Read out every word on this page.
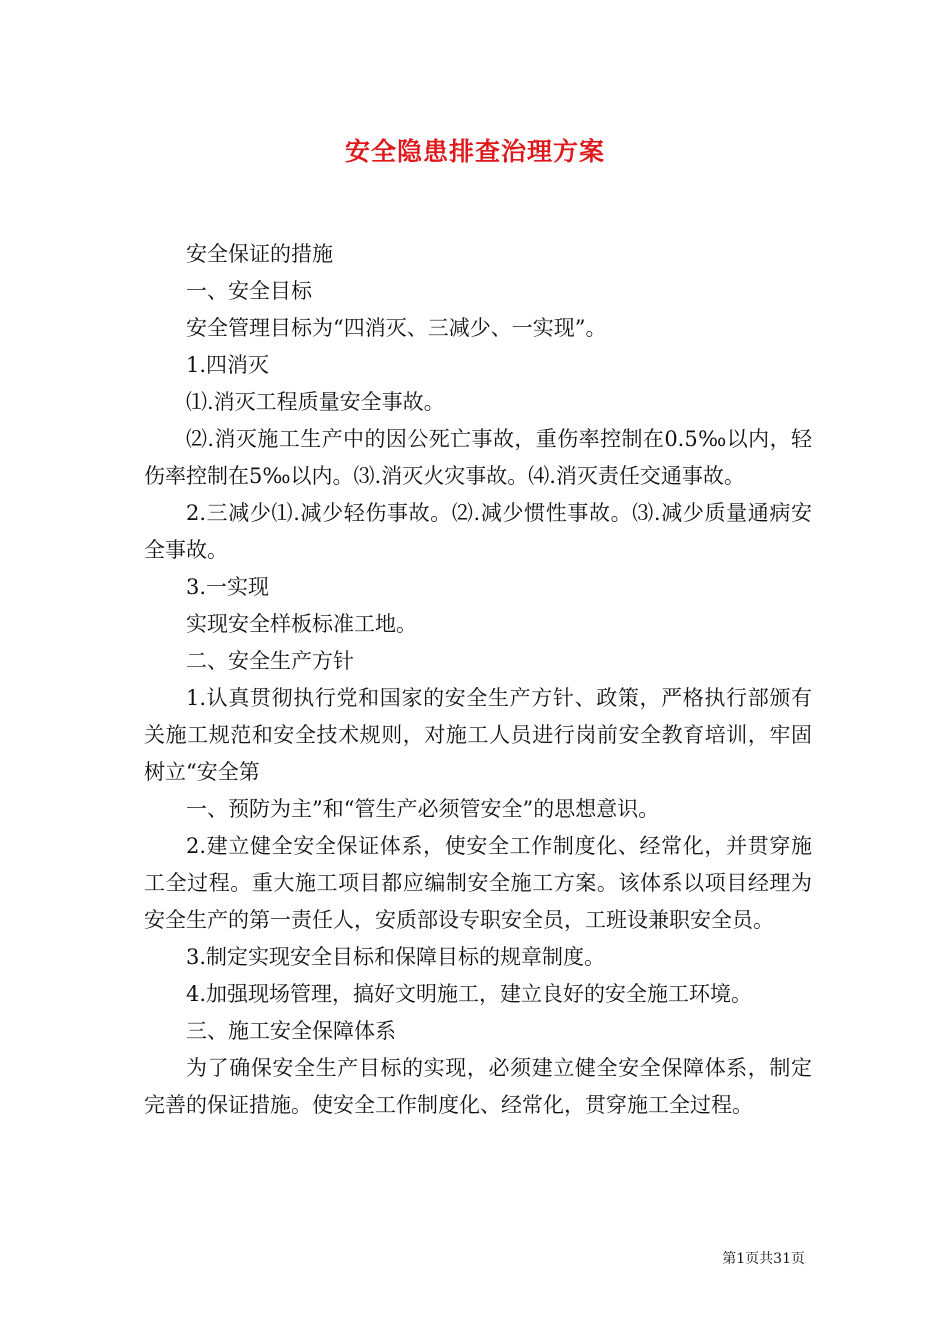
安全隐患排查治理方案

安全保证的措施

一、安全目标

安全管理目标为“四消灭、三减少、一实现”。

1.四消灭

⑴.消灭工程质量安全事故。

⑵.消灭施工生产中的因公死亡事故，重伤率控制在0.5‰以内，轻伤率控制在5‰以内。⑶.消灭火灾事故。⑷.消灭责任交通事故。

2.三减少⑴.减少轻伤事故。⑵.减少惯性事故。⑶.减少质量通病安全事故。

3.一实现

实现安全样板标准工地。

二、安全生产方针

1.认真贯彻执行党和国家的安全生产方针、政策，严格执行部颁有关施工规范和安全技术规则，对施工人员进行岗前安全教育培训，牢固树立“安全第

一、预防为主”和“管生产必须管安全”的思想意识。

2.建立健全安全保证体系，使安全工作制度化、经常化，并贯穿施工全过程。重大施工项目都应编制安全施工方案。该体系以项目经理为安全生产的第一责任人，安质部设专职安全员，工班设兼职安全员。

3.制定实现安全目标和保障目标的规章制度。

4.加强现场管理，搞好文明施工，建立良好的安全施工环境。

三、施工安全保障体系

为了确保安全生产目标的实现，必须建立健全安全保障体系，制定完善的保证措施。使安全工作制度化、经常化，贯穿施工全过程。

第1页共31页
